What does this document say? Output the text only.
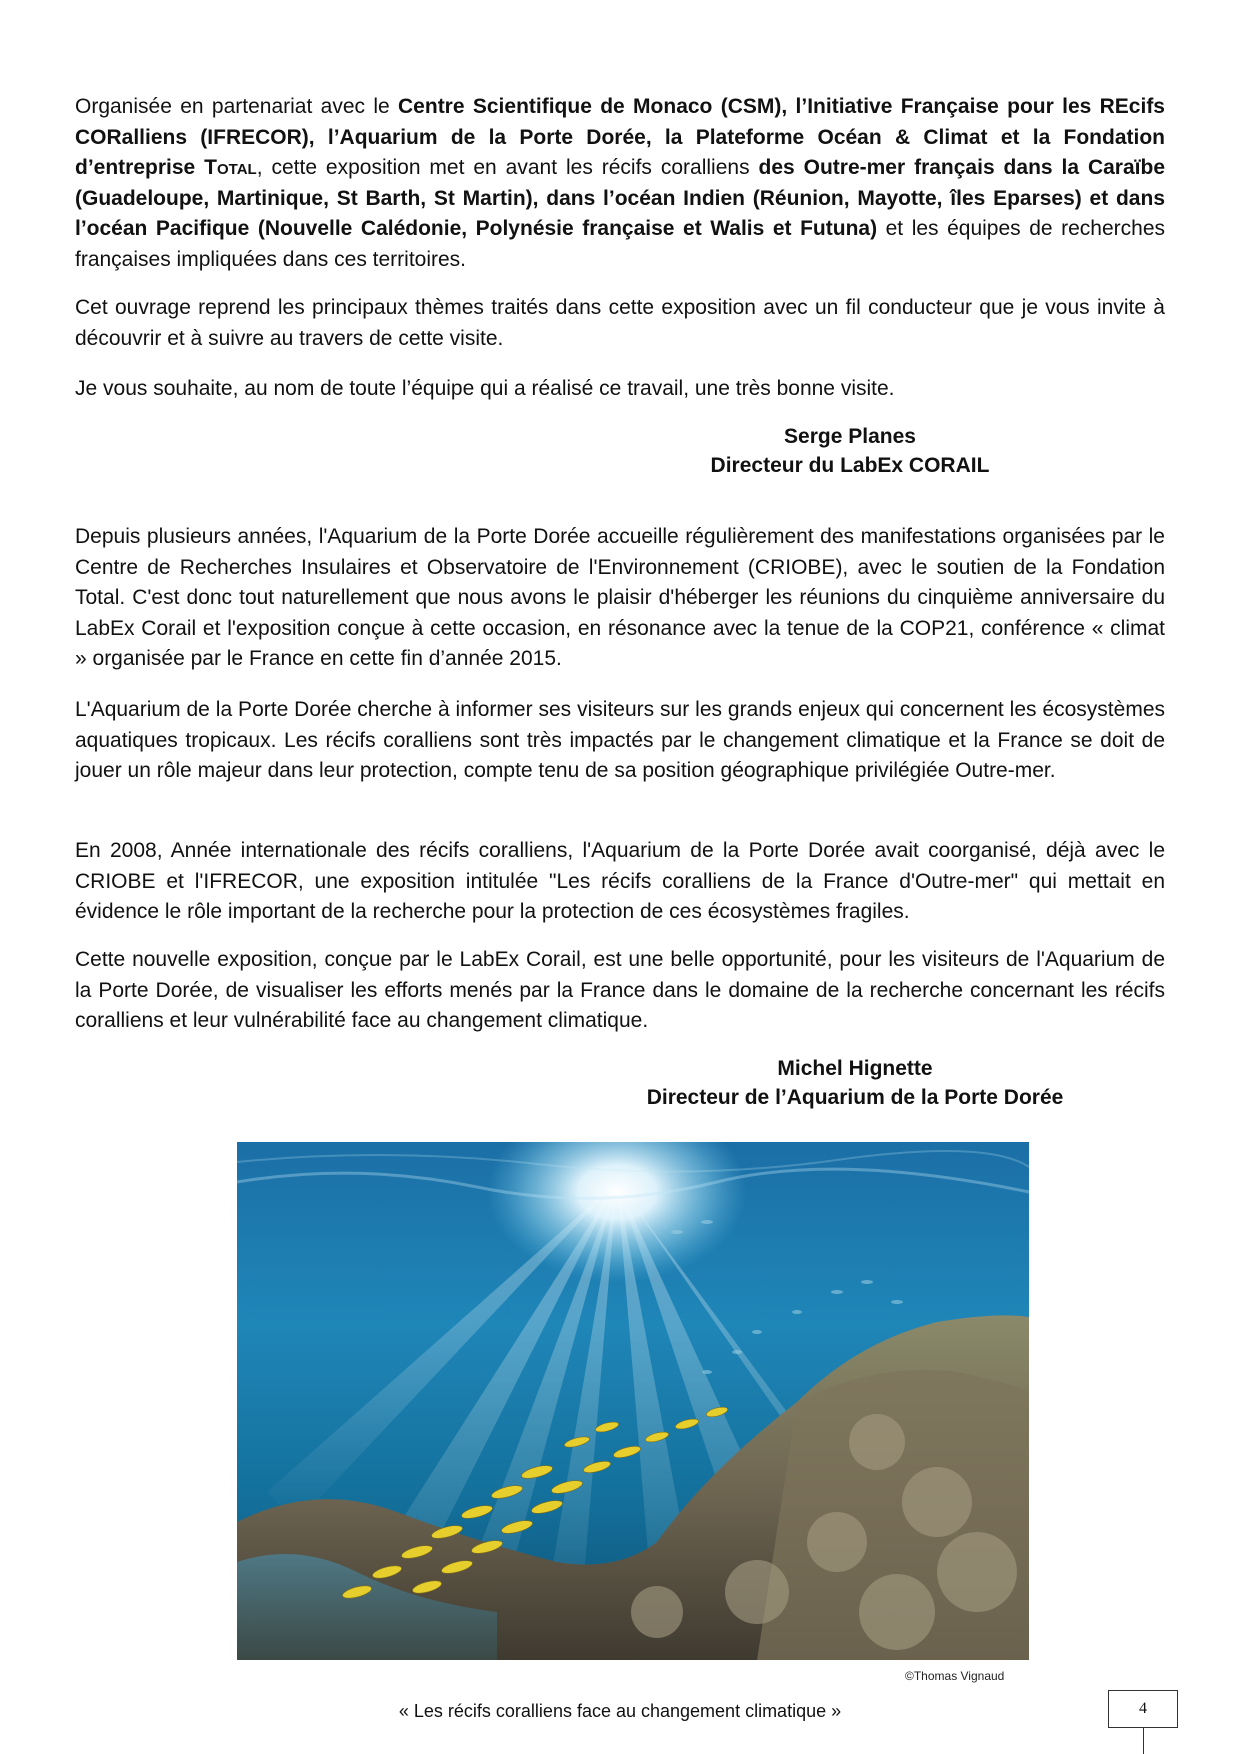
Organisée en partenariat avec le Centre Scientifique de Monaco (CSM), l’Initiative Française pour les REcifs CORalliens (IFRECOR), l’Aquarium de la Porte Dorée, la Plateforme Océan & Climat et la Fondation d’entreprise Total, cette exposition met en avant les récifs coralliens des Outre-mer français dans la Caraïbe (Guadeloupe, Martinique, St Barth, St Martin), dans l’océan Indien (Réunion, Mayotte, îles Eparses) et dans l’océan Pacifique (Nouvelle Calédonie, Polynésie française et Walis et Futuna) et les équipes de recherches françaises impliquées dans ces territoires.

Cet ouvrage reprend les principaux thèmes traités dans cette exposition avec un fil conducteur que je vous invite à découvrir et à suivre au travers de cette visite.

Je vous souhaite, au nom de toute l’équipe qui a réalisé ce travail, une très bonne visite.

Serge Planes
Directeur du LabEx CORAIL

Depuis plusieurs années, l'Aquarium de la Porte Dorée accueille régulièrement des manifestations organisées par le Centre de Recherches Insulaires et Observatoire de l'Environnement (CRIOBE), avec le soutien de la Fondation Total. C'est donc tout naturellement que nous avons le plaisir d'héberger les réunions du cinquième anniversaire du LabEx Corail et l'exposition conçue à cette occasion, en résonance avec la tenue de la COP21, conférence « climat » organisée par le France en cette fin d’année 2015.

L'Aquarium de la Porte Dorée cherche à informer ses visiteurs sur les grands enjeux qui concernent les écosystèmes aquatiques tropicaux. Les récifs coralliens sont très impactés par le changement climatique et la France se doit de jouer un rôle majeur dans leur protection, compte tenu de sa position géographique privilégiée Outre-mer.

En 2008, Année internationale des récifs coralliens, l'Aquarium de la Porte Dorée avait coorganisé, déjà avec le CRIOBE et l'IFRECOR, une exposition intitulée "Les récifs coralliens de la France d'Outre-mer" qui mettait en évidence le rôle important de la recherche pour la protection de ces écosystèmes fragiles.

Cette nouvelle exposition, conçue par le LabEx Corail, est une belle opportunité, pour les visiteurs de l'Aquarium de la Porte Dorée, de visualiser les efforts menés par la France dans le domaine de la recherche concernant les récifs coralliens et leur vulnérabilité face au changement climatique.

Michel Hignette
Directeur de l’Aquarium de la Porte Dorée
©Thomas Vignaud
« Les récifs coralliens face au changement climatique »	4
